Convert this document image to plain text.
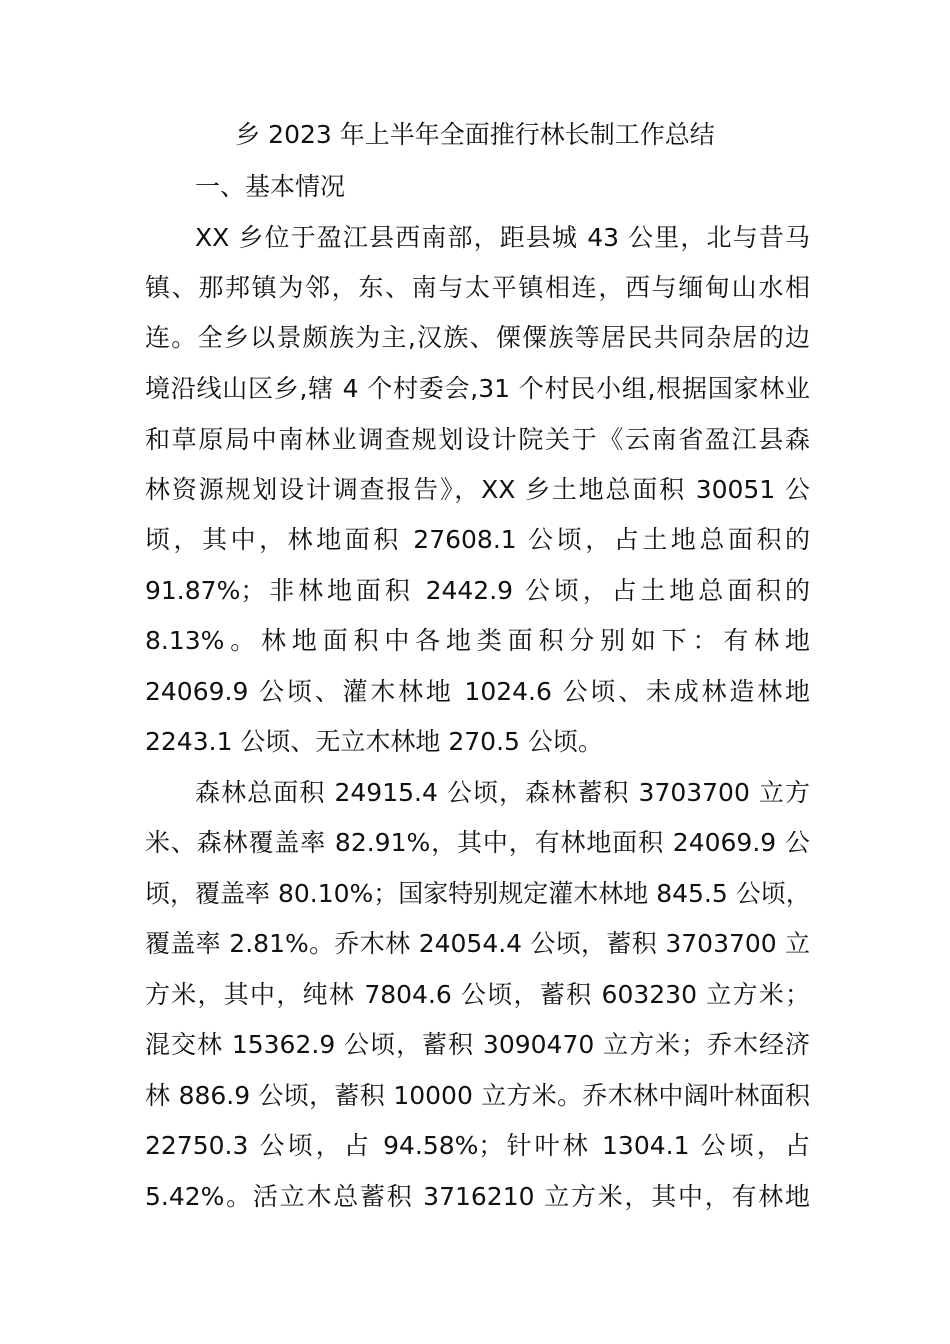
乡 2023 年上半年全面推行林长制工作总结
一、基本情况
XX 乡位于盈江县西南部，距县城 43 公里，北与昔马
镇、那邦镇为邻，东、南与太平镇相连，西与缅甸山水相
连。全乡以景颇族为主,汉族、傈僳族等居民共同杂居的边
境沿线山区乡,辖 4 个村委会,31 个村民小组,根据国家林业
和草原局中南林业调查规划设计院关于《云南省盈江县森
林资源规划设计调查报告》，XX 乡土地总面积 30051 公
顷，其中，林地面积 27608.1 公顷，占土地总面积的
91.87%；非林地面积 2442.9 公顷，占土地总面积的
8.13%。林地面积中各地类面积分别如下：有林地
24069.9 公顷、灌木林地 1024.6 公顷、未成林造林地
2243.1 公顷、无立木林地 270.5 公顷。
森林总面积 24915.4 公顷，森林蓄积 3703700 立方
米、森林覆盖率 82.91%，其中，有林地面积 24069.9 公
顷，覆盖率 80.10%；国家特别规定灌木林地 845.5 公顷，
覆盖率 2.81%。乔木林 24054.4 公顷，蓄积 3703700 立
方米，其中，纯林 7804.6 公顷，蓄积 603230 立方米；
混交林 15362.9 公顷，蓄积 3090470 立方米；乔木经济
林 886.9 公顷，蓄积 10000 立方米。乔木林中阔叶林面积
22750.3 公顷，占 94.58%；针叶林 1304.1 公顷，占
5.42%。活立木总蓄积 3716210 立方米，其中，有林地
